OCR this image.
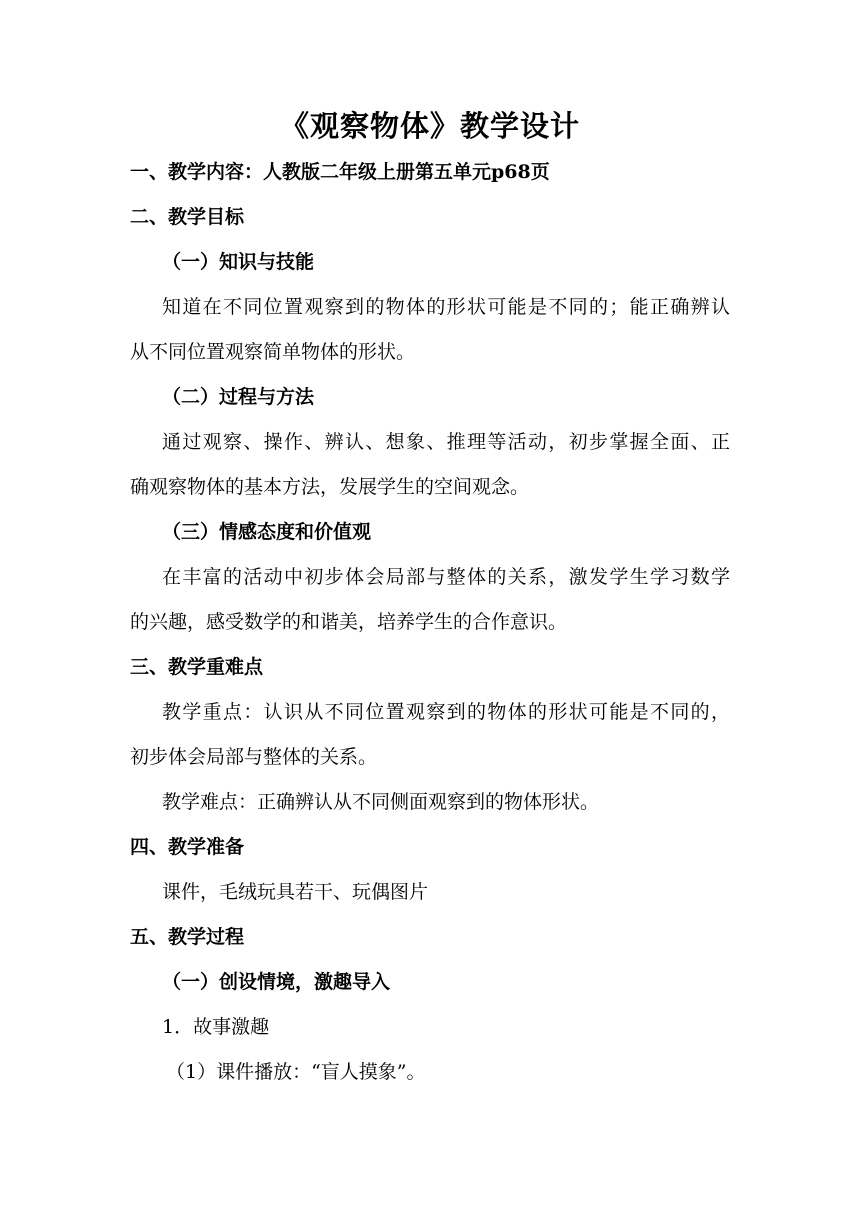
《观察物体》教学设计
一、教学内容：人教版二年级上册第五单元p68页
二、教学目标
（一）知识与技能
知道在不同位置观察到的物体的形状可能是不同的；能正确辨认
从不同位置观察简单物体的形状。
（二）过程与方法
通过观察、操作、辨认、想象、推理等活动，初步掌握全面、正
确观察物体的基本方法，发展学生的空间观念。
（三）情感态度和价值观
在丰富的活动中初步体会局部与整体的关系，激发学生学习数学
的兴趣，感受数学的和谐美，培养学生的合作意识。
三、教学重难点
教学重点：认识从不同位置观察到的物体的形状可能是不同的，
初步体会局部与整体的关系。
教学难点：正确辨认从不同侧面观察到的物体形状。
四、教学准备
课件，毛绒玩具若干、玩偶图片
五、教学过程
（一）创设情境，激趣导入
1．故事激趣
（1）课件播放：“盲人摸象”。
